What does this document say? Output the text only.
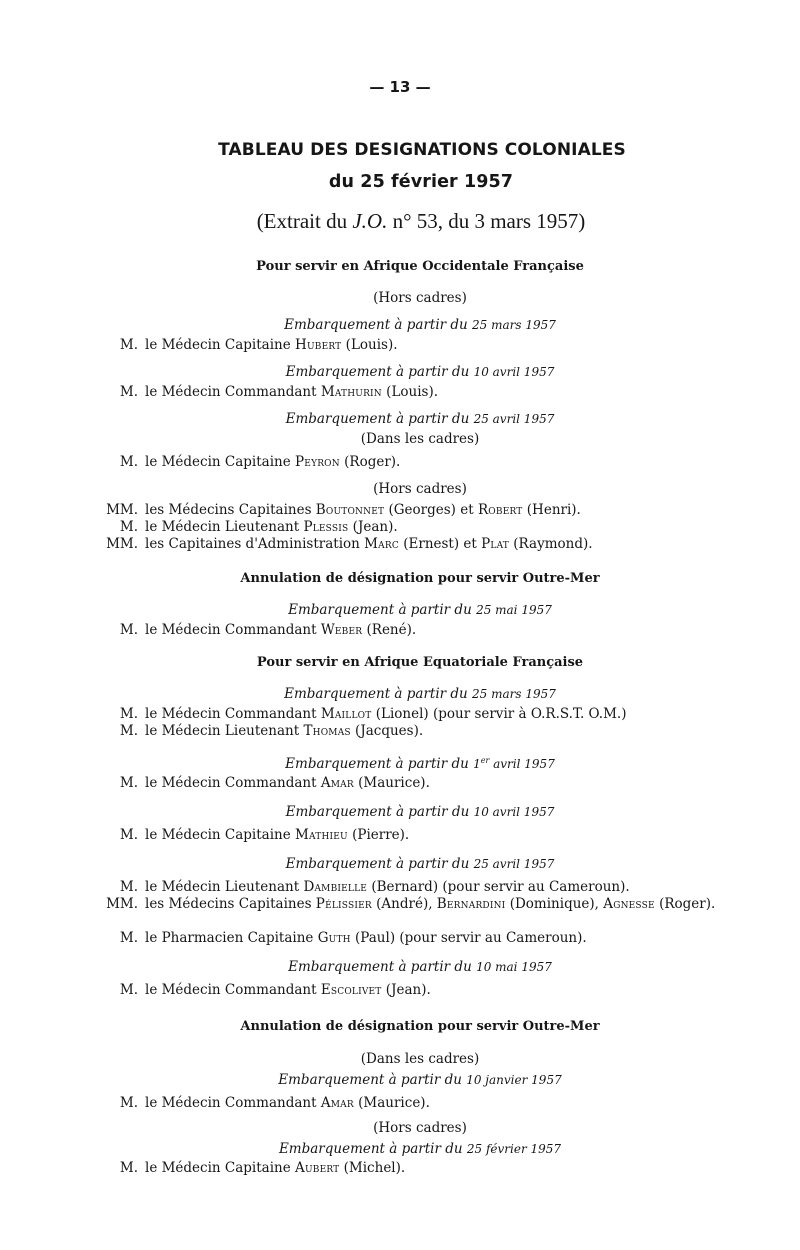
— 13 —
TABLEAU DES DESIGNATIONS COLONIALES
du 25 février 1957
(Extrait du J.O. n° 53, du 3 mars 1957)
Pour servir en Afrique Occidentale Française
(Hors cadres)
Embarquement à partir du 25 mars 1957
M. le Médecin Capitaine Hubert (Louis).
Embarquement à partir du 10 avril 1957
M. le Médecin Commandant Mathurin (Louis).
Embarquement à partir du 25 avril 1957
(Dans les cadres)
M. le Médecin Capitaine Peyron (Roger).
(Hors cadres)
MM. les Médecins Capitaines Boutonnet (Georges) et Robert (Henri).
M. le Médecin Lieutenant Plessis (Jean).
MM. les Capitaines d'Administration Marc (Ernest) et Plat (Raymond).
Annulation de désignation pour servir Outre-Mer
Embarquement à partir du 25 mai 1957
M. le Médecin Commandant Weber (René).
Pour servir en Afrique Equatoriale Française
Embarquement à partir du 25 mars 1957
M. le Médecin Commandant Maillot (Lionel) (pour servir à O.R.S.T. O.M.)
M. le Médecin Lieutenant Thomas (Jacques).
Embarquement à partir du 1er avril 1957
M. le Médecin Commandant Amar (Maurice).
Embarquement à partir du 10 avril 1957
M. le Médecin Capitaine Mathieu (Pierre).
Embarquement à partir du 25 avril 1957
M. le Médecin Lieutenant Dambielle (Bernard) (pour servir au Cameroun).
MM. les Médecins Capitaines Pélissier (André), Bernardini (Dominique), Agnesse (Roger).
M. le Pharmacien Capitaine Guth (Paul) (pour servir au Cameroun).
Embarquement à partir du 10 mai 1957
M. le Médecin Commandant Escolivet (Jean).
Annulation de désignation pour servir Outre-Mer
(Dans les cadres)
Embarquement à partir du 10 janvier 1957
M. le Médecin Commandant Amar (Maurice).
(Hors cadres)
Embarquement à partir du 25 février 1957
M. le Médecin Capitaine Aubert (Michel).
